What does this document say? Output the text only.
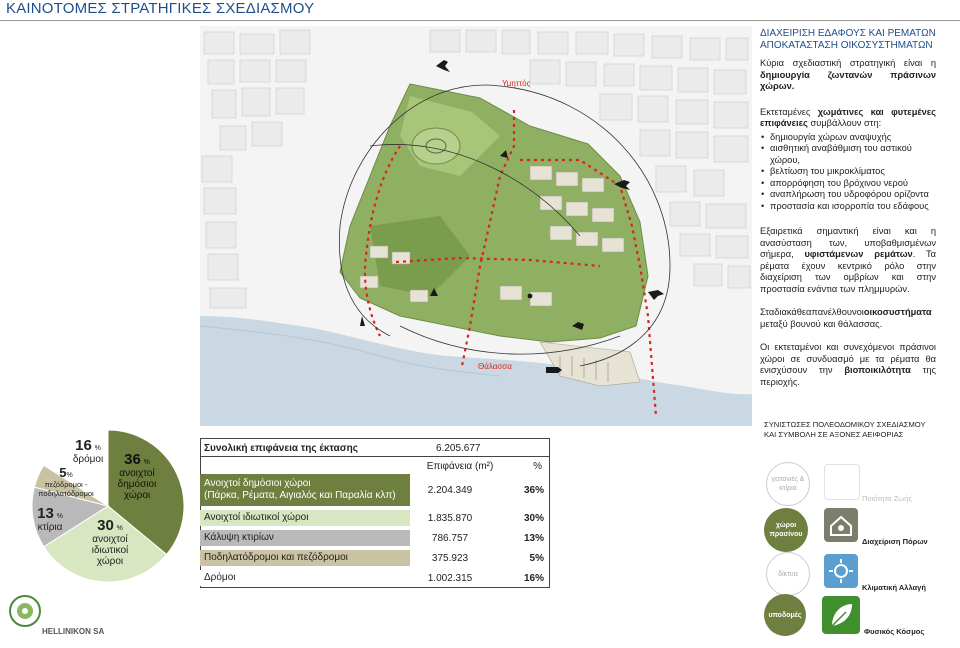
ΚΑΙΝΟΤΟΜΕΣ ΣΤΡΑΤΗΓΙΚΕΣ ΣΧΕΔΙΑΣΜΟΥ
Υμηττός
Θάλασσα
ΔΙΑΧΕΙΡΙΣΗ ΕΔΑΦΟΥΣ ΚΑΙ ΡΕΜΑΤΩΝ
ΑΠΟΚΑΤΑΣΤΑΣΗ ΟΙΚΟΣΥΣΤΗΜΑΤΩΝ

Κύρια σχεδιαστική στρατηγική είναι η δημιουργία ζωντανών πράσινων χώρων.

Εκτεταμένες χωμάτινες και φυτεμένες επιφάνειες συμβάλλουν στη:

• δημιουργία χώρων αναψυχής
• αισθητική αναβάθμιση του αστικού χώρου,
• βελτίωση του μικροκλίματος
• απορρόφηση του βρόχινου νερού
• αναπλήρωση του υδροφόρου ορίζοντα
• προστασία και ισορροπία του εδάφους

Εξαιρετικά σημαντική είναι και η ανασύσταση των, υποβαθμισμένων σήμερα, υφιστάμενων ρεμάτων. Τα ρέματα έχουν κεντρικό ρόλο στην διαχείριση των ομβρίων και στην προστασία ενάντια των πλημμυρών.

Σταδιακάθεαπανέλθουνοιοικοσυστήματα μεταξύ βουνού και θάλασσας.

Οι εκτεταμένοι και συνεχόμενοι πράσινοι χώροι σε συνδυασμό με τα ρέματα θα ενισχύσουν την βιοποικιλότητα της περιοχής.

16 %
δρόμοι
5%
πεζόδρομοι - ποδηλατόδρομοι
13 %
κτίρια	30 %
ανοιχτοί ιδιωτικοί χώροι
36 %
ανοιχτοί δημόσιοι χώροι
Συνολική επιφάνεια της έκτασης	6.205.677
Επιφάνεια (m²)	%
Ανοιχτοί δημόσιοι χώροι
(Πάρκα, Ρέματα, Αιγιαλός και Παραλία κλπ)	2.204.349	36%
Ανοιχτοί ιδιωτικοί χώροι	1.835.870	30%
Κάλυψη κτιρίων	786.757	13%
Ποδηλατόδρομοι και πεζόδρομοι	375.923	5%
Δρόμοι	1.002.315	16%
ΣΥΝΙΣΤΩΣΕΣ ΠΟΛΕΟΔΟΜΙΚΟΥ ΣΧΕΔΙΑΣΜΟΥ
ΚΑΙ ΣΥΜΒΟΛΗ ΣΕ ΑΞΟΝΕΣ ΑΕΙΦΟΡΙΑΣ
γειτονιές & κτίρια
χώροι πρασίνου
δίκτυα
υποδομές
Ποιότητα Ζωής
Διαχείριση Πόρων
Κλιματική Αλλαγή
Φυσικός Κόσμος
HELLINIKON SA
